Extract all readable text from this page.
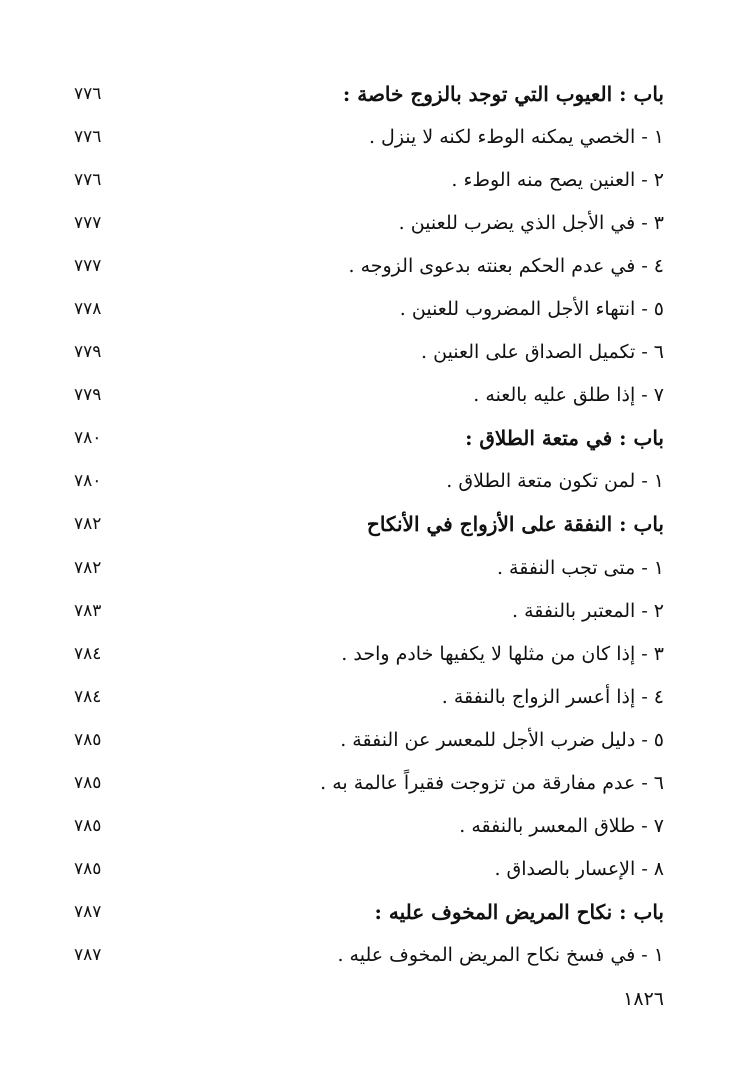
باب : العيوب التي توجد بالزوج خاصة :
٧٧٦
١ - الخصي يمكنه الوطء لكنه لا ينزل .
٧٧٦
٢ - العنين يصح منه الوطء .
٧٧٦
٣ - في الأجل الذي يضرب للعنين .
٧٧٧
٤ - في عدم الحكم بعنته بدعوى الزوجه .
٧٧٧
٥ - انتهاء الأجل المضروب للعنين .
٧٧٨
٦ - تكميل الصداق على العنين .
٧٧٩
٧ - إذا طلق عليه بالعنه .
٧٧٩
باب : في متعة الطلاق :
٧٨٠
١ - لمن تكون متعة الطلاق .
٧٨٠
باب : النفقة على الأزواج في الأنكاح
٧٨٢
١ - متى تجب النفقة .
٧٨٢
٢ - المعتبر بالنفقة .
٧٨٣
٣ - إذا كان من مثلها لا يكفيها خادم واحد .
٧٨٤
٤ - إذا أعسر الزواج بالنفقة .
٧٨٤
٥ - دليل ضرب الأجل للمعسر عن النفقة .
٧٨٥
٦ - عدم مفارقة من تزوجت فقيراً عالمة به .
٧٨٥
٧ - طلاق المعسر بالنفقه .
٧٨٥
٨ - الإعسار بالصداق .
٧٨٥
باب : نكاح المريض المخوف عليه :
٧٨٧
١ - في فسخ نكاح المريض المخوف عليه .
٧٨٧
١٨٢٦
